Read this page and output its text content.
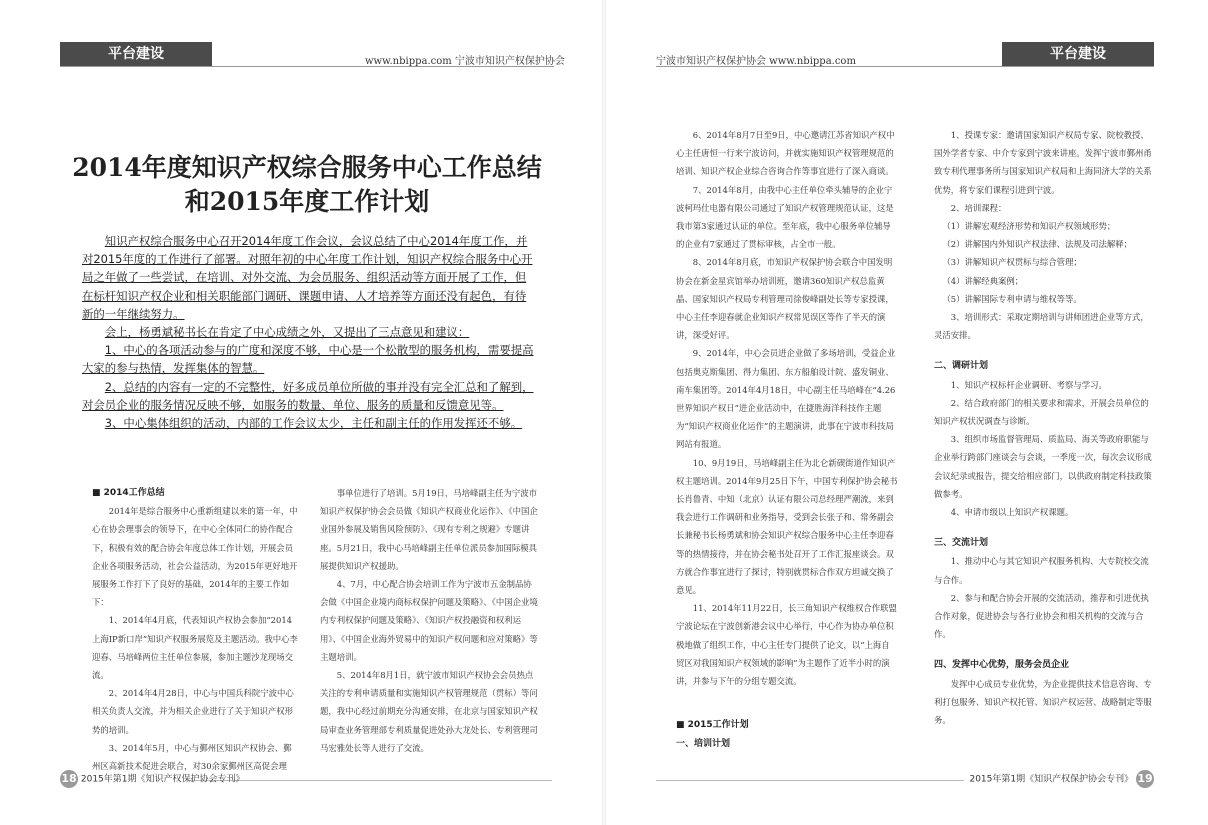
平台建设	www.nbippa.com 宁波市知识产权保护协会
2014年度知识产权综合服务中心工作总结
和2015年度工作计划

知识产权综合服务中心召开2014年度工作会议，会议总结了中心2014年度工作，并对2015年度的工作进行了部署。对照年初的中心年度工作计划，知识产权综合服务中心开局之年做了一些尝试，在培训、对外交流、为会员服务、组织活动等方面开展了工作，但在标杆知识产权企业和相关职能部门调研、课题申请、人才培养等方面还没有起色，有待新的一年继续努力。

会上，杨勇斌秘书长在肯定了中心成绩之外，又提出了三点意见和建议：

1、中心的各项活动参与的广度和深度不够，中心是一个松散型的服务机构，需要提高大家的参与热情，发挥集体的智慧。

2、总结的内容有一定的不完整性，好多成员单位所做的事并没有完全汇总和了解到，对会员企业的服务情况反映不够，如服务的数量、单位、服务的质量和反馈意见等。

3、中心集体组织的活动，内部的工作会议太少，主任和副主任的作用发挥还不够。

■ 2014工作总结

2014年是综合服务中心重新组建以来的第一年，中心在协会理事会的领导下，在中心全体同仁的协作配合下，积极有效的配合协会年度总体工作计划，开展会员企业各项服务活动，社会公益活动，为2015年更好地开展服务工作打下了良好的基础，2014年的主要工作如下：

1、2014年4月底，代表知识产权协会参加“2014上海IP新口岸”知识产权服务展览及主题活动。我中心李迎春、马培峰两位主任单位参展，参加主题沙龙现场交流。

2、2014年4月28日，中心与中国兵科院宁波中心相关负责人交流，并为相关企业进行了关于知识产权形势的培训。

3、2014年5月，中心与鄞州区知识产权协会、鄞州区高新技术促进会联合，对30余家鄞州区高促会理

事单位进行了培训。5月19日，马培峰副主任为宁波市知识产权保护协会会员做《知识产权商业化运作》、《中国企业国外参展及销售风险预防》、《现有专利之规避》专题讲座。5月21日，我中心马培峰副主任单位派员参加国际模具展提供知识产权援助。

4、7月，中心配合协会培训工作为宁波市五金制品协会做《中国企业境内商标权保护问题及策略》、《中国企业境内专利权保护问题及策略》、《知识产权投融资和权利运用》、《中国企业海外贸易中的知识产权问题和应对策略》等主题培训。

5、2014年8月1日，就宁波市知识产权协会会员热点关注的专利申请质量和实施知识产权管理规范（贯标）等问题，我中心经过前期充分沟通安排，在北京与国家知识产权局审查业务管理部专利质量促进处孙大龙处长、专利管理司马宏雅处长等人进行了交流。

18 2015年第1期《知识产权保护协会专刊》
宁波市知识产权保护协会 www.nbippa.com	平台建设

6、2014年8月7日至9日，中心邀请江苏省知识产权中心主任唐恒一行来宁波访问，并就实施知识产权管理规范的培训、知识产权企业综合咨询合作等事宜进行了深入商谈。

7、2014年8月，由我中心主任单位牵头辅导的企业宁波柯玛仕电器有限公司通过了知识产权管理规范认证，这是我市第3家通过认证的单位。至年底，我中心服务单位辅导的企业有7家通过了贯标审核，占全市一般。

8、2014年8月底，市知识产权保护协会联合中国发明协会在新金星宾馆举办培训班，邀请360知识产权总监黄晶、国家知识产权局专利管理司徐俊峰副处长等专家授课，中心主任李迎春就企业知识产权常见误区等作了半天的演讲，深受好评。

9、2014年，中心会员进企业做了多场培训，受益企业包括奥克斯集团、得力集团、东方船舶设计院、盛发铜业、南车集团等。2014年4月18日，中心副主任马培峰在“4.26世界知识产权日”进企业活动中，在捷胜海洋科技作主题为“知识产权商业化运作”的主题演讲，此事在宁波市科技局网站有报道。

10、9月19日，马培峰副主任为北仑新碶街道作知识产权主题培训。2014年9月25日下午，中国专利保护协会秘书长肖鲁青、中知（北京）认证有限公司总经理严潮流，来到我会进行工作调研和业务指导，受到会长张子和、常务副会长兼秘书长杨勇斌和协会知识产权综合服务中心主任李迎春等的热情接待，并在协会秘书处召开了工作汇报座谈会。双方就合作事宜进行了探讨，特别就贯标合作双方坦诚交换了意见。

11、2014年11月22日，长三角知识产权维权合作联盟宁波论坛在宁波创新港会议中心举行，中心作为协办单位积极地做了组织工作，中心主任专门提供了论文，以“上海自贸区对我国知识产权领域的影响”为主题作了近半小时的演讲，并参与下午的分组专题交流。

■ 2015工作计划

一、培训计划

1、授课专家：邀请国家知识产权局专家、院校教授、国外学者专家、中介专家到宁波来讲座。发挥宁波市鄞州甬致专利代理事务所与国家知识产权局和上海同济大学的关系优势，将专家们课程引进到宁波。

2、培训课程：

（1）讲解宏观经济形势和知识产权领域形势；

（2）讲解国内外知识产权法律、法规及司法解释；

（3）讲解知识产权贯标与综合管理；

（4）讲解经典案例；

（5）讲解国际专利申请与维权等等。

3、培训形式：采取定期培训与讲师团进企业等方式，灵活安排。

二、调研计划

1、知识产权标杆企业调研、考察与学习。

2、结合政府部门的相关要求和需求，开展会员单位的知识产权状况调查与诊断。

3、组织市场监督管理局、质监局、海关等政府职能与企业举行跨部门座谈会与会谈，一季度一次，每次会议形成会议纪录或报告，提交给相应部门，以供政府制定科技政策做参考。

4、申请市级以上知识产权课题。

三、交流计划

1、推动中心与其它知识产权服务机构、大专院校交流与合作。

2、参与和配合协会开展的交流活动，推荐和引进优执合作对象，促进协会与各行业协会和相关机构的交流与合作。

四、发挥中心优势，服务会员企业

发挥中心成员专业优势，为企业提供技术信息咨询、专利打包服务、知识产权托管、知识产权运营、战略制定等服务。

2015年第1期《知识产权保护协会专刊》 19
